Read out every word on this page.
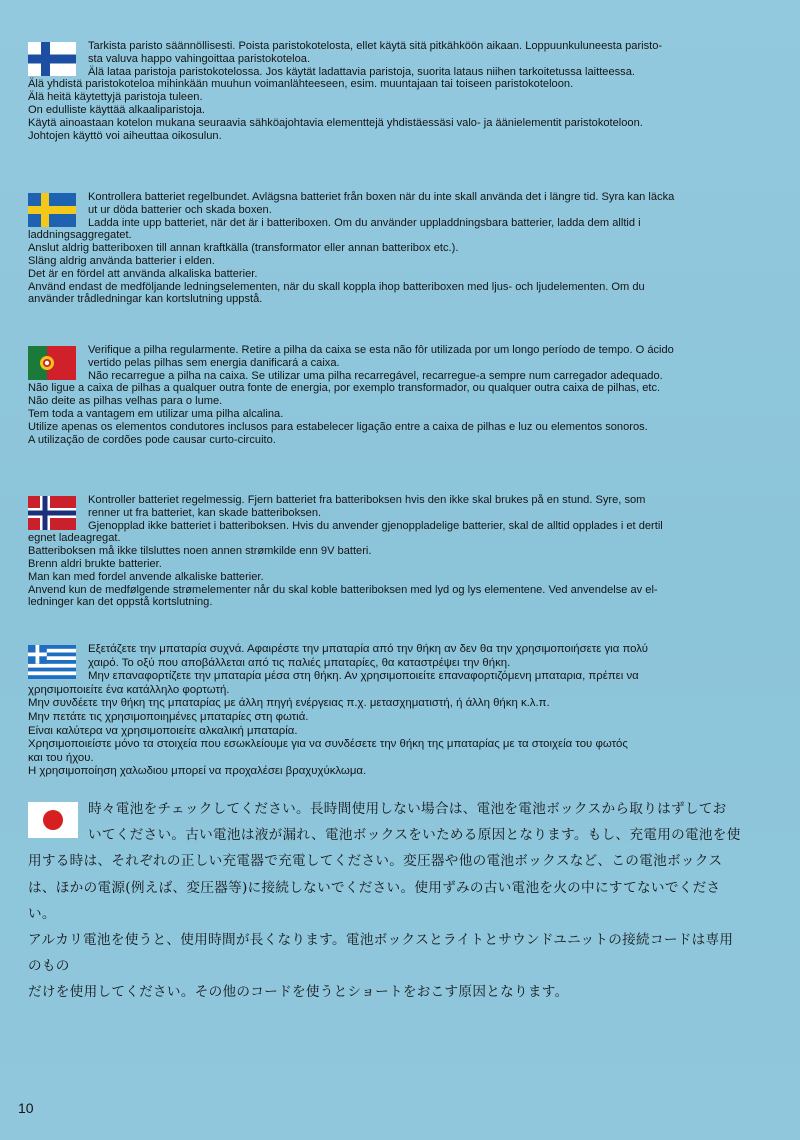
Tarkista paristo säännöllisesti. Poista paristokotelosta, ellet käytä sitä pitkähköön aikaan. Loppuunkuluneesta paristo-

sta valuva happo vahingoittaa paristokoteloa.

Älä lataa paristoja paristokotelossa. Jos käytät ladattavia paristoja, suorita lataus niihen tarkoitetussa laitteessa.

Älä yhdistä paristokoteloa mihinkään muuhun voimanlähteeseen, esim. muuntajaan tai toiseen paristokoteloon.

Älä heitä käytettyjä paristoja tuleen.

On edulliste käyttää alkaaliparistoja.

Käytä ainoastaan kotelon mukana seuraavia sähköajohtavia elementtejä yhdistäessäsi valo- ja äänielementit paristokoteloon.

Johtojen käyttö voi aiheuttaa oikosulun.

Kontrollera batteriet regelbundet. Avlägsna batteriet från boxen när du inte skall använda det i längre tid. Syra kan läcka

ut ur döda batterier och skada boxen.

Ladda inte upp batteriet, när det är i batteriboxen. Om du använder uppladdningsbara batterier, ladda dem alltid i

laddningsaggregatet.

Anslut aldrig batteriboxen till annan kraftkälla (transformator eller annan batteribox etc.).

Släng aldrig använda batterier i elden.

Det är en fördel att använda alkaliska batterier.

Använd endast de medföljande ledningselementen, när du skall koppla ihop batteriboxen med ljus- och ljudelementen. Om du

använder trådledningar kan kortslutning uppstå.

Verifique a pilha regularmente. Retire a pilha da caixa se esta não fôr utilizada por um longo período de tempo. O ácido

vertido pelas pilhas sem energia danificará a caixa.

Não recarregue a pilha na caixa. Se utilizar uma pilha recarregável, recarregue-a sempre num carregador adequado.

Não ligue a caixa de pilhas a qualquer outra fonte de energia, por exemplo transformador, ou qualquer outra caixa de pilhas, etc.

Não deite as pilhas velhas para o lume.

Tem toda a vantagem em utilizar uma pilha alcalina.

Utilize apenas os elementos condutores inclusos para estabelecer ligação entre a caixa de pilhas e luz ou elementos sonoros.

A utilização de cordões pode causar curto-circuito.

Kontroller batteriet regelmessig. Fjern batteriet fra batteriboksen hvis den ikke skal brukes på en stund. Syre, som

renner ut fra batteriet, kan skade batteriboksen.

Gjenopplad ikke batteriet i batteriboksen. Hvis du anvender gjenoppladelige batterier, skal de alltid opplades i et dertil

egnet ladeagregat.

Batteriboksen må ikke tilsluttes noen annen strømkilde enn 9V batteri.

Brenn aldri brukte batterier.

Man kan med fordel anvende alkaliske batterier.

Anvend kun de medfølgende strømelementer når du skal koble batteriboksen med lyd og lys elementene. Ved anvendelse av el-

ledninger kan det oppstå kortslutning.

Εξετάζετε την μπαταρία συχνά. Αφαιρέστε την μπαταρία από την θήκη αν δεν θα την χρησιμοποιήσετε για πολύ

χαιρό. Το οξύ που αποβάλλεται από τις παλιές μπαταρίες, θα καταστρέψει την θήκη.

Μην επαναφορτίζετε την μπαταρία μέσα στη θήκη. Αν χρησιμοποιείτε επαναφορτιζόμενη μπαταρια, πρέπει να

χρησιμοποιείτε ένα κατάλληλο φορτωτή.

Μην συνδέετε την θήκη της μπαταρίας με άλλη πηγή ενέργειας π.χ. μετασχηματιστή, ή άλλη θήκη κ.λ.π.

Μην πετάτε τις χρησιμοποιημένες μπαταρίες στη φωτιά.

Είναι καλύτερα να χρησιμοποιείτε αλκαλική μπαταρία.

Χρησιμοποιείστε μόνο τα στοιχεία που εσωκλείουμε για να συνδέσετε την θήκη της μπαταρίας με τα στοιχεία του φωτός

και του ήχου.

Η χρησιμοποίηση χαλωδιου μπορεί να προχαλέσει βραχυχύκλωμα.

時々電池をチェックしてください。長時間使用しない場合は、電池を電池ボックスから取りはずしてお

いてください。古い電池は液が漏れ、電池ボックスをいためる原因となります。もし、充電用の電池を使

用する時は、それぞれの正しい充電器で充電してください。変圧器や他の電池ボックスなど、この電池ボックス

は、ほかの電源(例えば、変圧器等)に接続しないでください。使用ずみの古い電池を火の中にすてないでください。

アルカリ電池を使うと、使用時間が長くなります。電池ボックスとライトとサウンドユニットの接続コードは専用のもの

だけを使用してください。その他のコードを使うとショートをおこす原因となります。

10
